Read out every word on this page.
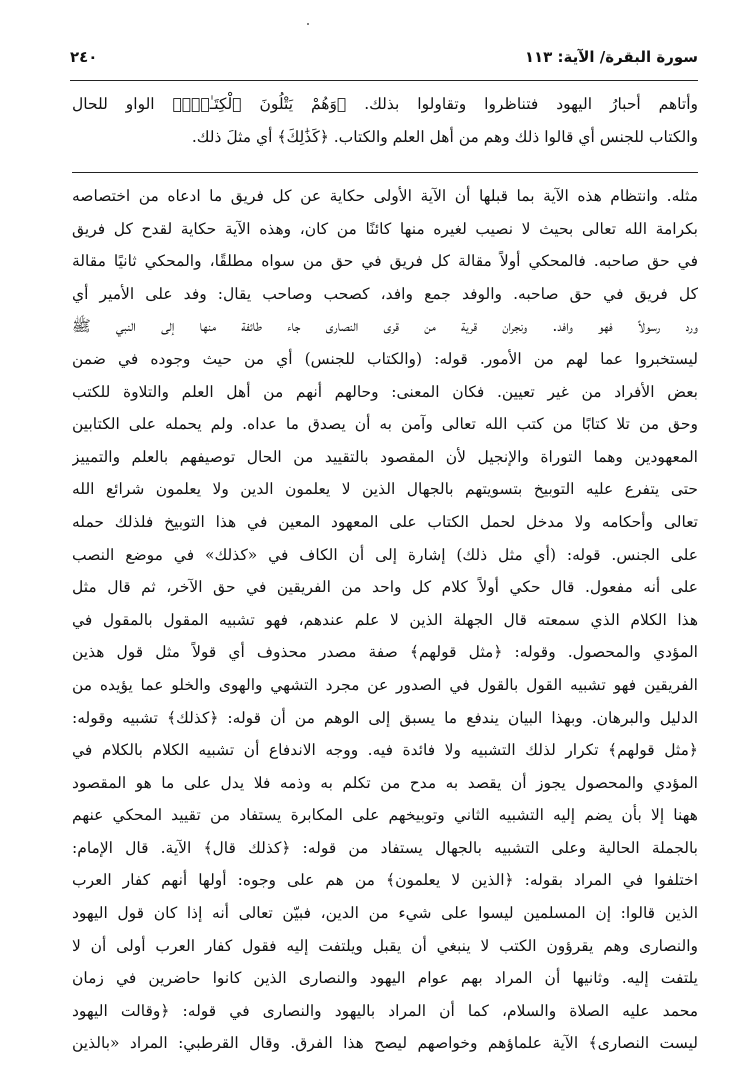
سورة البقرة/ الآية: ١١٣
٢٤٠
وأتاهم أحبارُ اليهود فتناظروا وتقاولوا بذلك. ﴿وَهُمْ يَتْلُونَ ٱلْكِتَـٰبَۗ﴾ الواو للحال
والكتاب للجنس أي قالوا ذلك وهم من أهل العلم والكتاب. ﴿كَذَٰلِكَ﴾ أي مثلَ ذلك.
مثله. وانتظام هذه الآية بما قبلها أن الآية الأولى حكاية عن كل فريق ما ادعاه من اختصاصه
بكرامة الله تعالى بحيث لا نصيب لغيره منها كائنًا من كان، وهذه الآية حكاية لقدح كل فريق
في حق صاحبه. فالمحكي أولاً مقالة كل فريق في حق من سواه مطلقًا، والمحكي ثانيًا مقالة
كل فريق في حق صاحبه. والوفد جمع وافد، كصحب وصاحب يقال: وفد على الأمير أي
ورد رسولاً فهو وافد. ونجران قرية من قرى النصارى جاء طائفة منها إلى النبي ﷺ
ليستخبروا عما لهم من الأمور. قوله: (والكتاب للجنس) أي من حيث وجوده في ضمن
بعض الأفراد من غير تعيين. فكان المعنى: وحالهم أنهم من أهل العلم والتلاوة للكتب
وحق من تلا كتابًا من كتب الله تعالى وآمن به أن يصدق ما عداه. ولم يحمله على الكتابين
المعهودين وهما التوراة والإنجيل لأن المقصود بالتقييد من الحال توصيفهم بالعلم والتمييز
حتى يتفرع عليه التوبيخ بتسويتهم بالجهال الذين لا يعلمون الدين ولا يعلمون شرائع الله
تعالى وأحكامه ولا مدخل لحمل الكتاب على المعهود المعين في هذا التوبيخ فلذلك حمله
على الجنس. قوله: (أي مثل ذلك) إشارة إلى أن الكاف في «كذلك» في موضع النصب
على أنه مفعول. قال حكي أولاً كلام كل واحد من الفريقين في حق الآخر، ثم قال مثل
هذا الكلام الذي سمعته قال الجهلة الذين لا علم عندهم، فهو تشبيه المقول بالمقول في
المؤدي والمحصول. وقوله: ﴿مثل قولهم﴾ صفة مصدر محذوف أي قولاً مثل قول هذين
الفريقين فهو تشبيه القول بالقول في الصدور عن مجرد التشهي والهوى والخلو عما يؤيده من
الدليل والبرهان. وبهذا البيان يندفع ما يسبق إلى الوهم من أن قوله: ﴿كذلك﴾ تشبيه وقوله:
﴿مثل قولهم﴾ تكرار لذلك التشبيه ولا فائدة فيه. ووجه الاندفاع أن تشبيه الكلام بالكلام في
المؤدي والمحصول يجوز أن يقصد به مدح من تكلم به وذمه فلا يدل على ما هو المقصود
ههنا إلا بأن يضم إليه التشبيه الثاني وتوبيخهم على المكابرة يستفاد من تقييد المحكي عنهم
بالجملة الحالية وعلى التشبيه بالجهال يستفاد من قوله: ﴿كذلك قال﴾ الآية. قال الإمام:
اختلفوا في المراد بقوله: ﴿الذين لا يعلمون﴾ من هم على وجوه: أولها أنهم كفار العرب
الذين قالوا: إن المسلمين ليسوا على شيء من الدين، فبيّن تعالى أنه إذا كان قول اليهود
والنصارى وهم يقرؤون الكتب لا ينبغي أن يقبل ويلتفت إليه فقول كفار العرب أولى أن لا
يلتفت إليه. وثانيها أن المراد بهم عوام اليهود والنصارى الذين كانوا حاضرين في زمان
محمد عليه الصلاة والسلام، كما أن المراد باليهود والنصارى في قوله: ﴿وقالت اليهود
ليست النصارى﴾ الآية علماؤهم وخواصهم ليصح هذا الفرق. وقال القرطبي: المراد «بالذين
